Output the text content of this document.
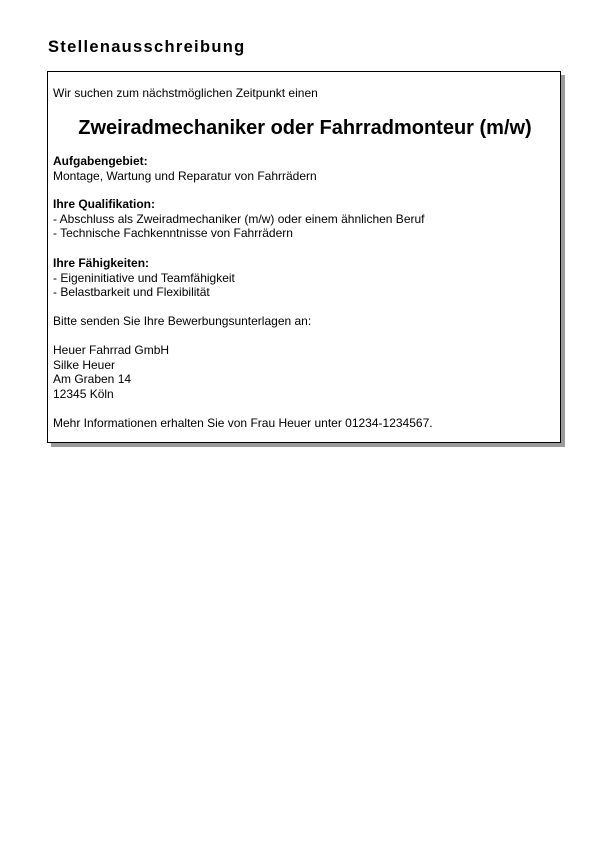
Stellenausschreibung
Wir suchen zum nächstmöglichen Zeitpunkt einen
Zweiradmechaniker oder Fahrradmonteur (m/w)
Aufgabengebiet:
Montage, Wartung und Reparatur von Fahrrädern
Ihre Qualifikation:
- Abschluss als Zweiradmechaniker (m/w) oder einem ähnlichen Beruf
- Technische Fachkenntnisse von Fahrrädern
Ihre Fähigkeiten:
- Eigeninitiative und Teamfähigkeit
- Belastbarkeit und Flexibilität
Bitte senden Sie Ihre Bewerbungsunterlagen an:
Heuer Fahrrad GmbH
Silke Heuer
Am Graben 14
12345 Köln
Mehr Informationen erhalten Sie von Frau Heuer unter 01234-1234567.
